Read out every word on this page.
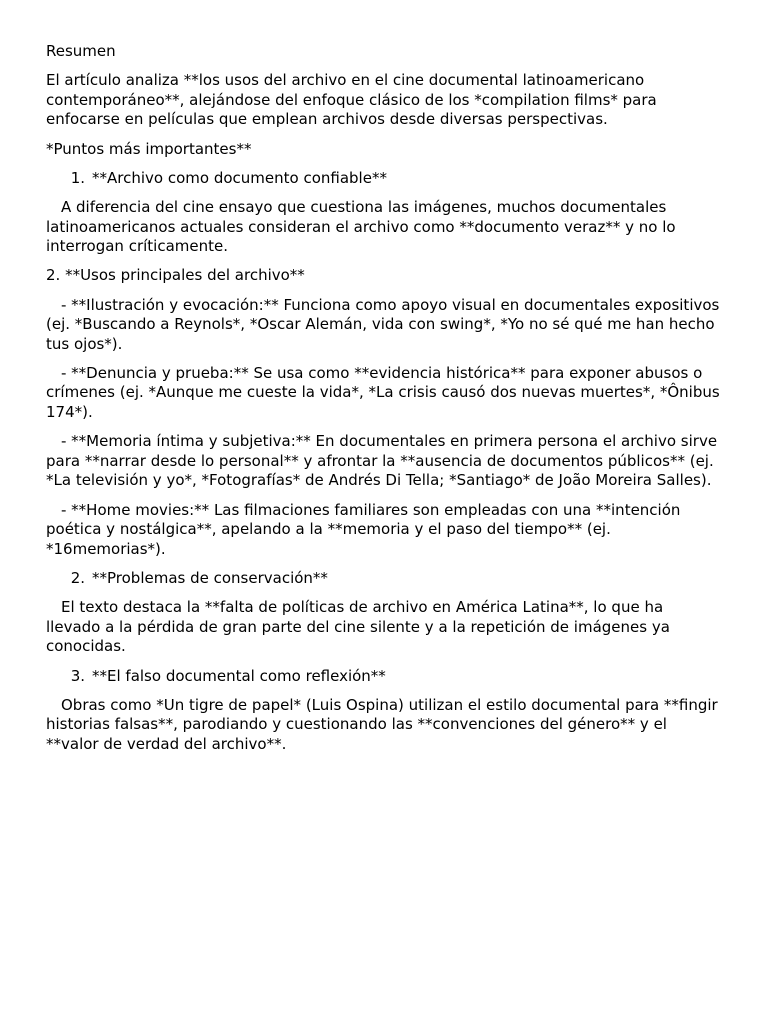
Resumen
El artículo analiza **los usos del archivo en el cine documental latinoamericano contemporáneo**, alejándose del enfoque clásico de los *compilation films* para enfocarse en películas que emplean archivos desde diversas perspectivas.
*Puntos más importantes**
1. **Archivo como documento confiable**
A diferencia del cine ensayo que cuestiona las imágenes, muchos documentales latinoamericanos actuales consideran el archivo como **documento veraz** y no lo interrogan críticamente.
2. **Usos principales del archivo**
- **Ilustración y evocación:** Funciona como apoyo visual en documentales expositivos (ej. *Buscando a Reynols*, *Oscar Alemán, vida con swing*, *Yo no sé qué me han hecho tus ojos*).
- **Denuncia y prueba:** Se usa como **evidencia histórica** para exponer abusos o crímenes (ej. *Aunque me cueste la vida*, *La crisis causó dos nuevas muertes*, *Ônibus 174*).
- **Memoria íntima y subjetiva:** En documentales en primera persona el archivo sirve para **narrar desde lo personal** y afrontar la **ausencia de documentos públicos** (ej. *La televisión y yo*, *Fotografías* de Andrés Di Tella; *Santiago* de João Moreira Salles).
- **Home movies:** Las filmaciones familiares son empleadas con una **intención poética y nostálgica**, apelando a la **memoria y el paso del tiempo** (ej. *16memorias*).
2. **Problemas de conservación**
El texto destaca la **falta de políticas de archivo en América Latina**, lo que ha llevado a la pérdida de gran parte del cine silente y a la repetición de imágenes ya conocidas.
3. **El falso documental como reflexión**
Obras como *Un tigre de papel* (Luis Ospina) utilizan el estilo documental para **fingir historias falsas**, parodiando y cuestionando las **convenciones del género** y el **valor de verdad del archivo**.
